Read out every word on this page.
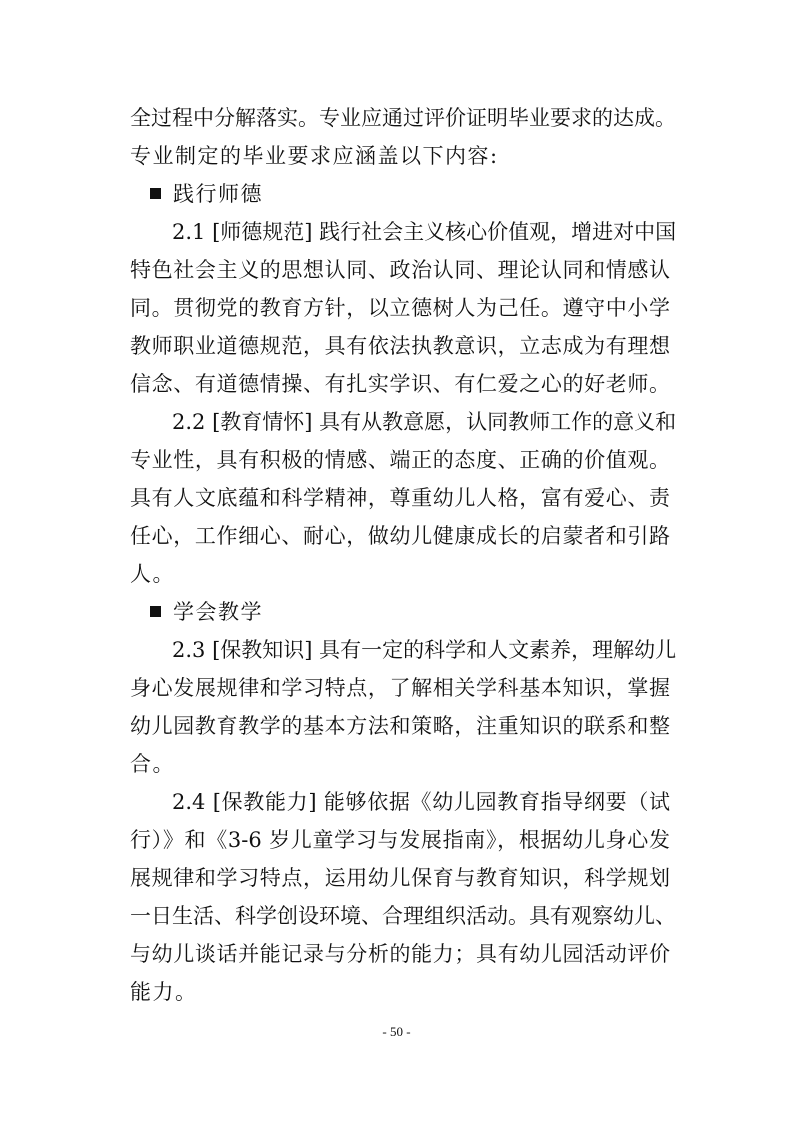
全过程中分解落实。专业应通过评价证明毕业要求的达成。
专业制定的毕业要求应涵盖以下内容:
践行师德
2.1 [师德规范] 践行社会主义核心价值观，增进对中国
特色社会主义的思想认同、政治认同、理论认同和情感认
同。贯彻党的教育方针，以立德树人为己任。遵守中小学
教师职业道德规范，具有依法执教意识，立志成为有理想
信念、有道德情操、有扎实学识、有仁爱之心的好老师。
2.2 [教育情怀] 具有从教意愿，认同教师工作的意义和
专业性，具有积极的情感、端正的态度、正确的价值观。
具有人文底蕴和科学精神，尊重幼儿人格，富有爱心、责
任心，工作细心、耐心，做幼儿健康成长的启蒙者和引路
人。
学会教学
2.3 [保教知识] 具有一定的科学和人文素养，理解幼儿
身心发展规律和学习特点，了解相关学科基本知识，掌握
幼儿园教育教学的基本方法和策略，注重知识的联系和整
合。
2.4 [保教能力] 能够依据《幼儿园教育指导纲要（试
行）》和《3-6 岁儿童学习与发展指南》，根据幼儿身心发
展规律和学习特点，运用幼儿保育与教育知识，科学规划
一日生活、科学创设环境、合理组织活动。具有观察幼儿、
与幼儿谈话并能记录与分析的能力；具有幼儿园活动评价
能力。
- 50 -
